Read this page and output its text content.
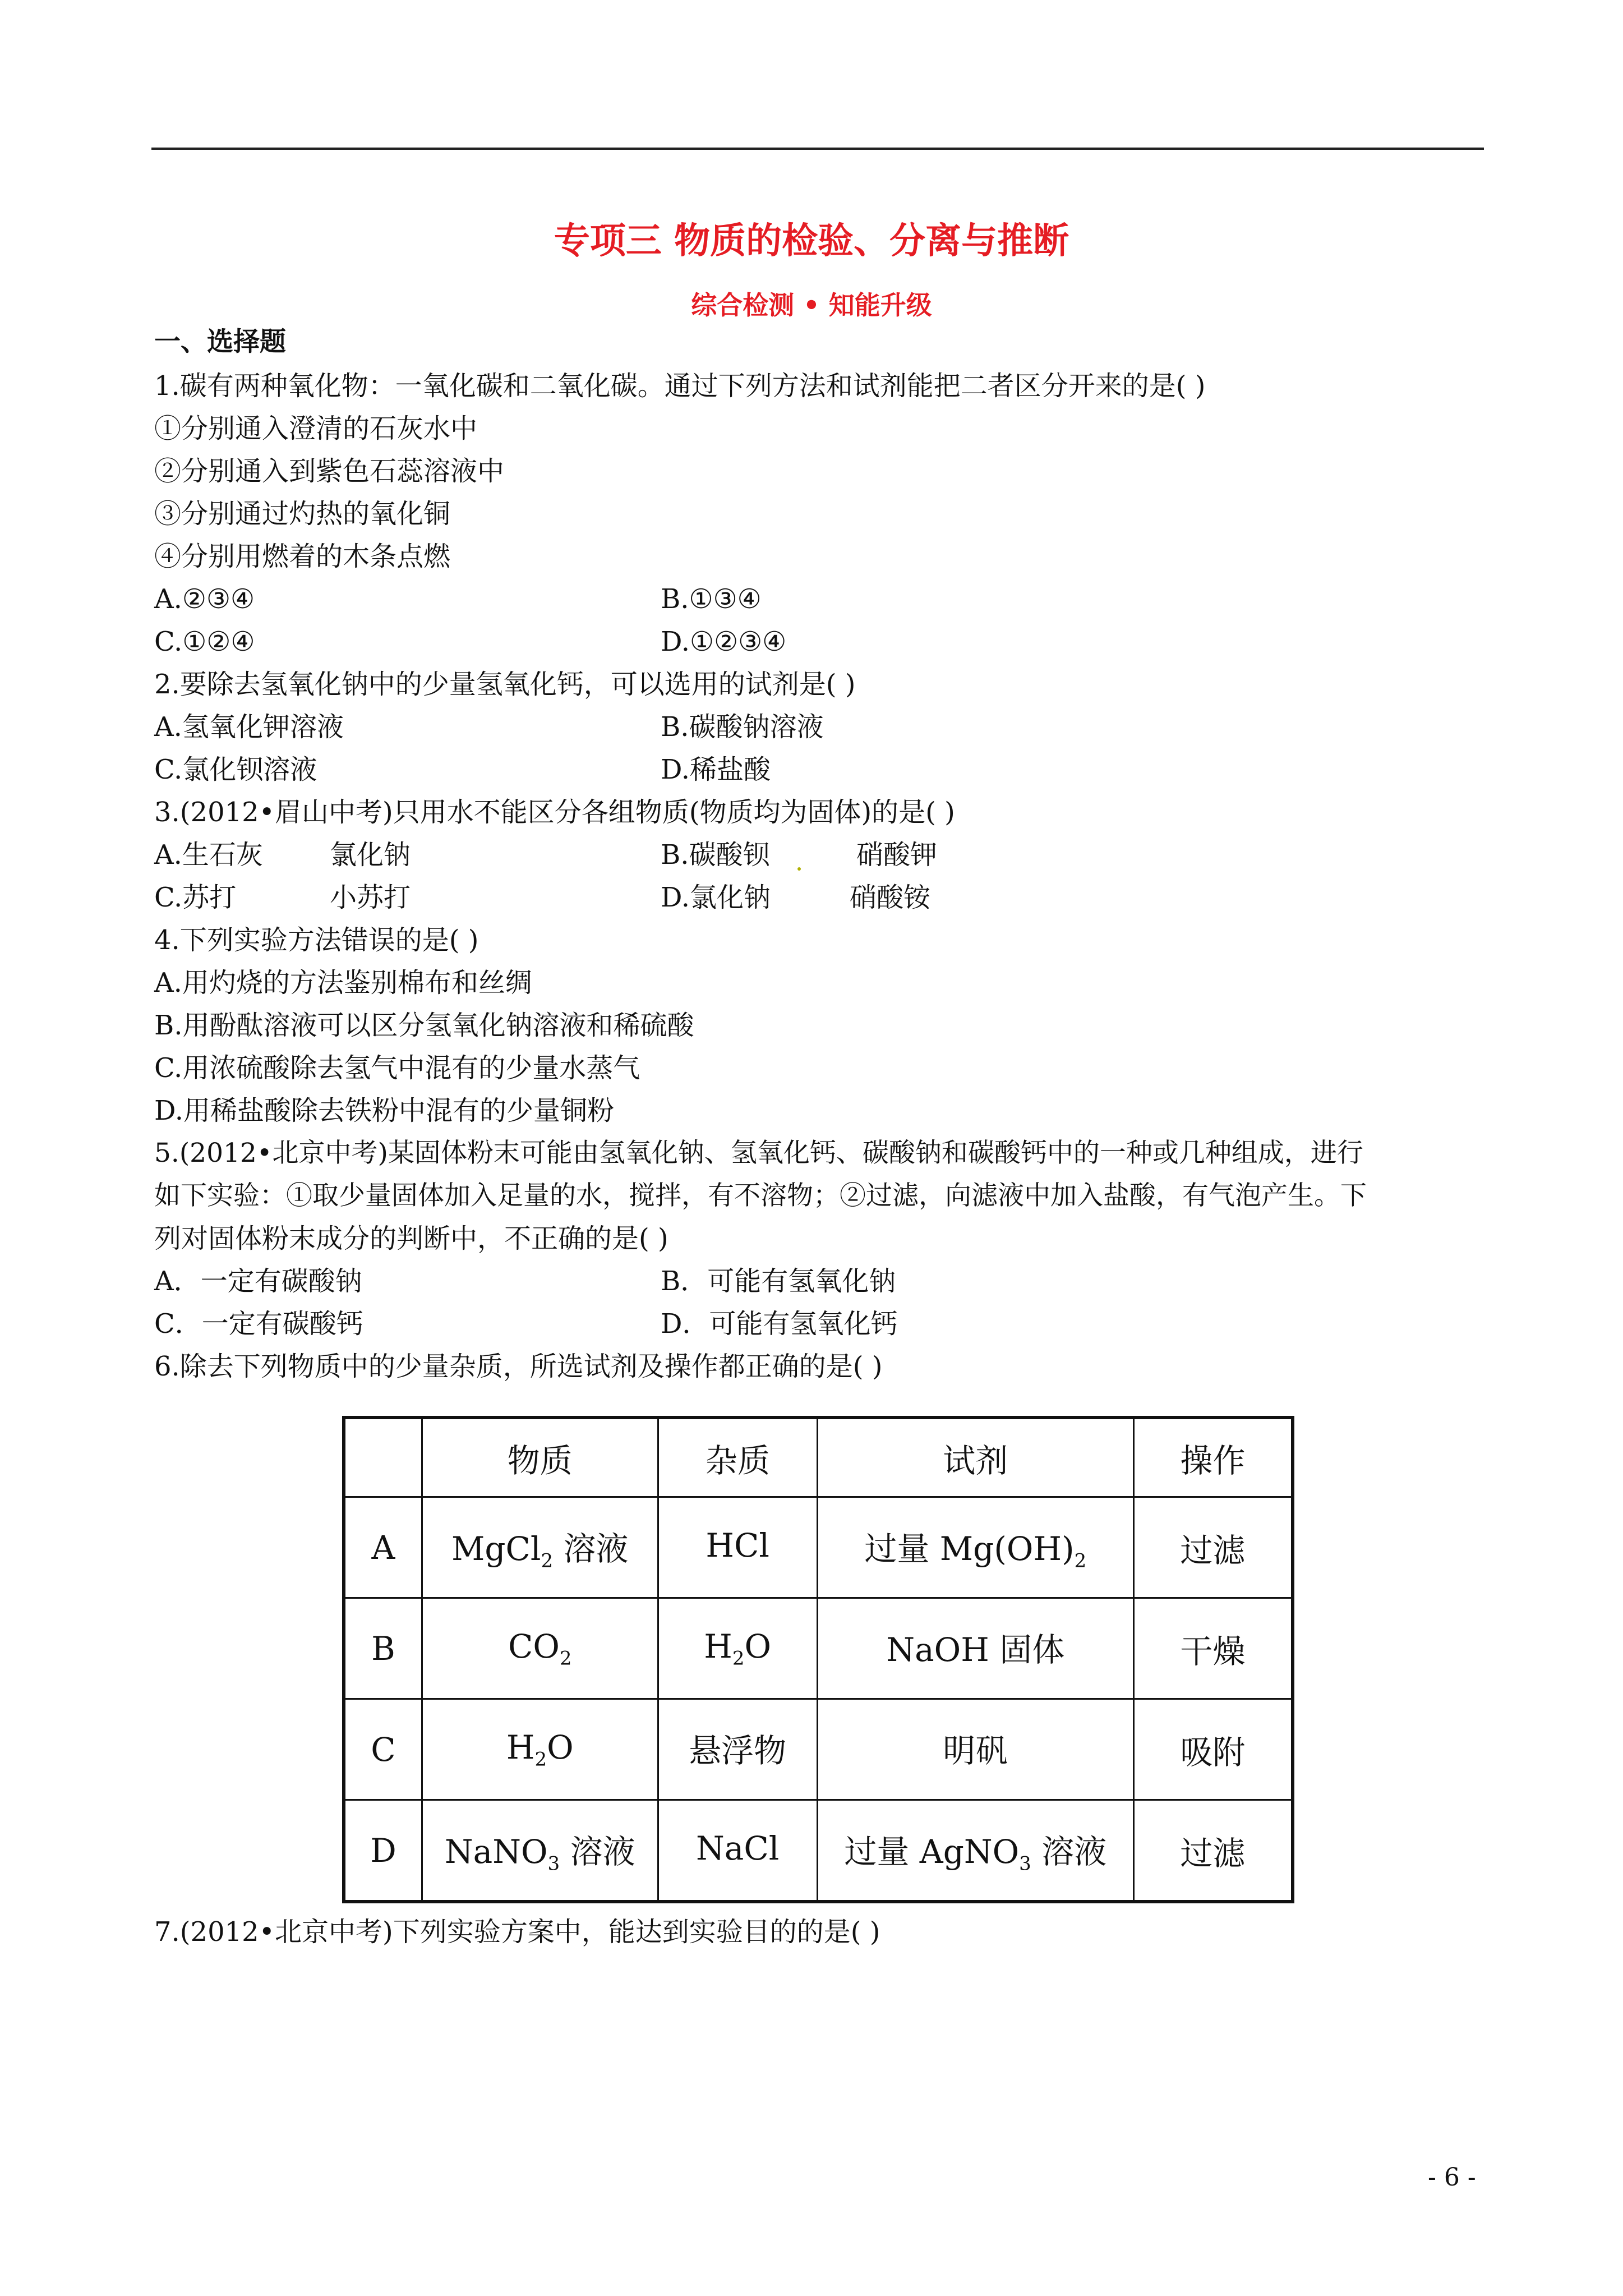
专项三 物质的检验、分离与推断
综合检测 • 知能升级
一、选择题
1.碳有两种氧化物：一氧化碳和二氧化碳。通过下列方法和试剂能把二者区分开来的是( )
①分别通入澄清的石灰水中
②分别通入到紫色石蕊溶液中
③分别通过灼热的氧化铜
④分别用燃着的木条点燃
A.②③④	B.①③④
C.①②④	D.①②③④
2.要除去氢氧化钠中的少量氢氧化钙，可以选用的试剂是( )
A.氢氧化钾溶液	B.碳酸钠溶液
C.氯化钡溶液	D.稀盐酸
3.(2012•眉山中考)只用水不能区分各组物质(物质均为固体)的是( )
A.生石灰 氯化钠	B.碳酸钡	硝酸钾
C.苏打	小苏打	D.氯化钠	硝酸铵
4.下列实验方法错误的是( )
A.用灼烧的方法鉴别棉布和丝绸
B.用酚酞溶液可以区分氢氧化钠溶液和稀硫酸
C.用浓硫酸除去氢气中混有的少量水蒸气
D.用稀盐酸除去铁粉中混有的少量铜粉
5.(2012•北京中考)某固体粉末可能由氢氧化钠、氢氧化钙、碳酸钠和碳酸钙中的一种或几种组成，进行
如下实验：①取少量固体加入足量的水，搅拌，有不溶物；②过滤，向滤液中加入盐酸，有气泡产生。下
列对固体粉末成分的判断中，不正确的是( )
A．一定有碳酸钠	B．可能有氢氧化钠
C．一定有碳酸钙	D．可能有氢氧化钙
6.除去下列物质中的少量杂质，所选试剂及操作都正确的是( )
	物质	杂质	试剂	操作
A	MgCl$_2$ 溶液	HCl	过量 $Mg(OH)_2$	过滤
B	$CO_2$	$H_2O$	NaOH 固体	干燥
C	$H_2O$	悬浮物	明矾	吸附
D	NaNO$_3$ 溶液	NaCl	过量 AgNO$_3$ 溶液	过滤
7.(2012•北京中考)下列实验方案中，能达到实验目的的是( )
- 6 -
